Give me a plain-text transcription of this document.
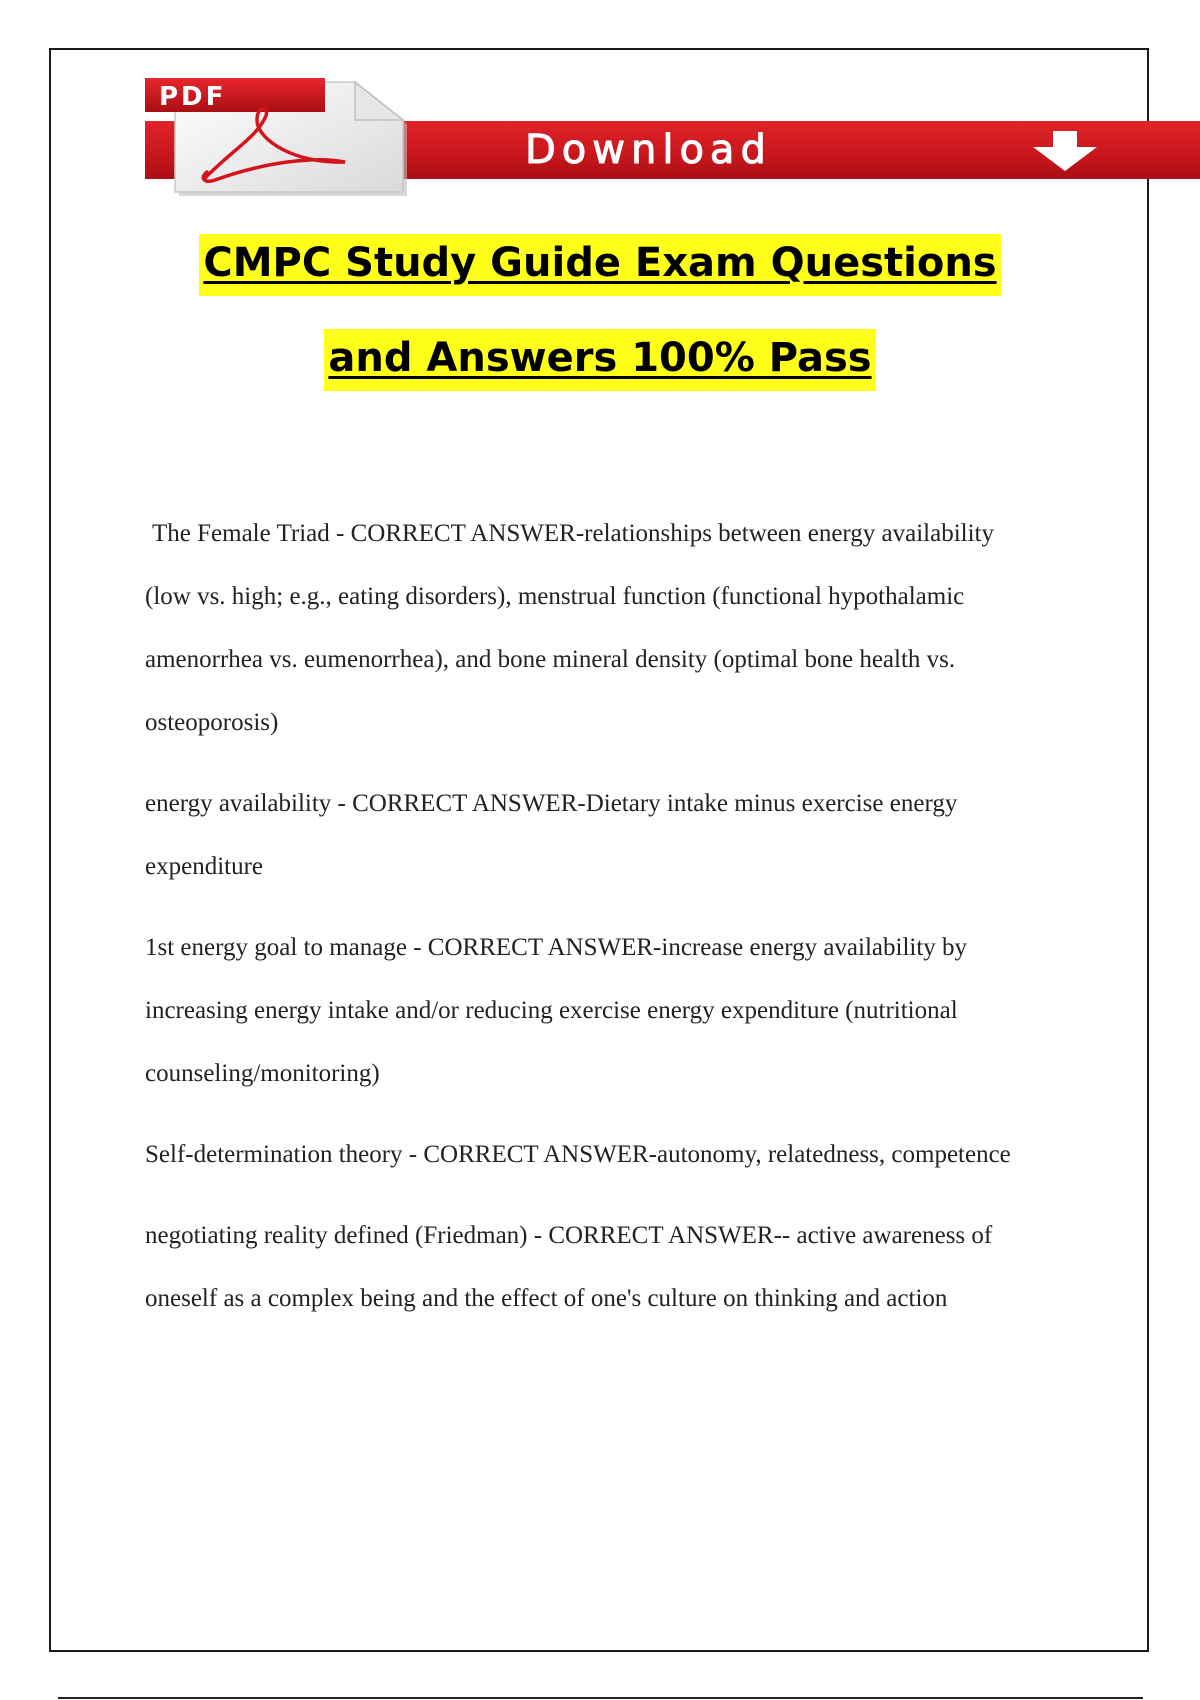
Download
PDF
CMPC Study Guide Exam Questions
and Answers 100% Pass

The Female Triad - CORRECT ANSWER-relationships between energy availability (low vs. high; e.g., eating disorders), menstrual function (functional hypothalamic amenorrhea vs. eumenorrhea), and bone mineral density (optimal bone health vs. osteoporosis)

energy availability - CORRECT ANSWER-Dietary intake minus exercise energy expenditure

1st energy goal to manage - CORRECT ANSWER-increase energy availability by increasing energy intake and/or reducing exercise energy expenditure (nutritional counseling/monitoring)

Self-determination theory - CORRECT ANSWER-autonomy, relatedness, competence

negotiating reality defined (Friedman) - CORRECT ANSWER-- active awareness of oneself as a complex being and the effect of one's culture on thinking and action
